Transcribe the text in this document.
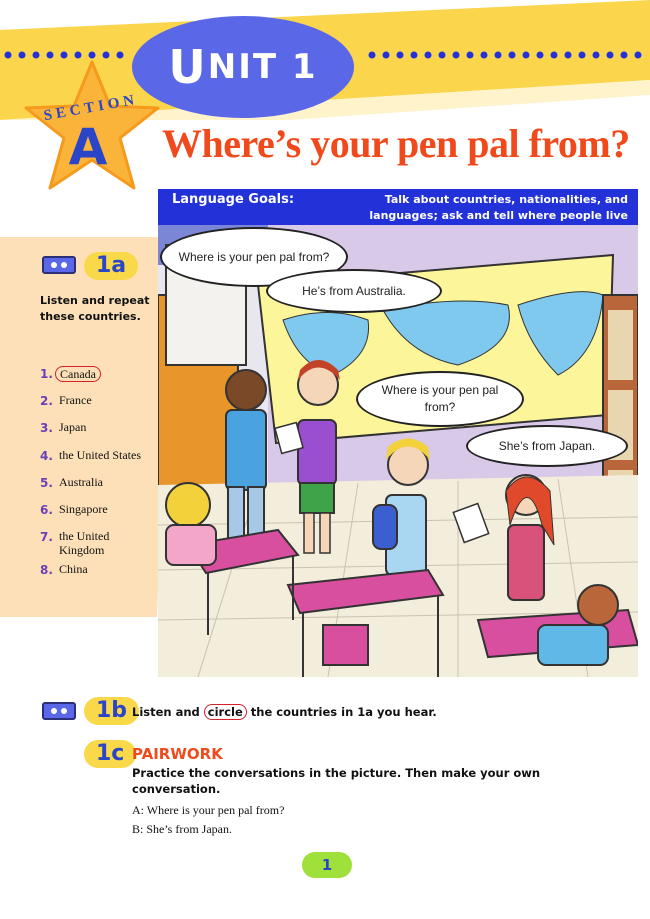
U NIT 1
SECTION
A Where’s your pen pal from?
1a
Listen and repeat these countries.
1. Canada
2. France
3. Japan
4. the United States
5. Australia
6. Singapore
7. the United Kingdom
8. China
Language Goals:	Talk about countries, nationalities, and languages; ask and tell where people live
Where is your pen pal from?
He’s from Australia.
Where is your pen pal from?
She’s from Japan.
1b Listen and circle the countries in 1a you hear.
1c PAIRWORK
Practice the conversations in the picture. Then make your own conversation.
A: Where is your pen pal from?
B: She’s from Japan.
1
